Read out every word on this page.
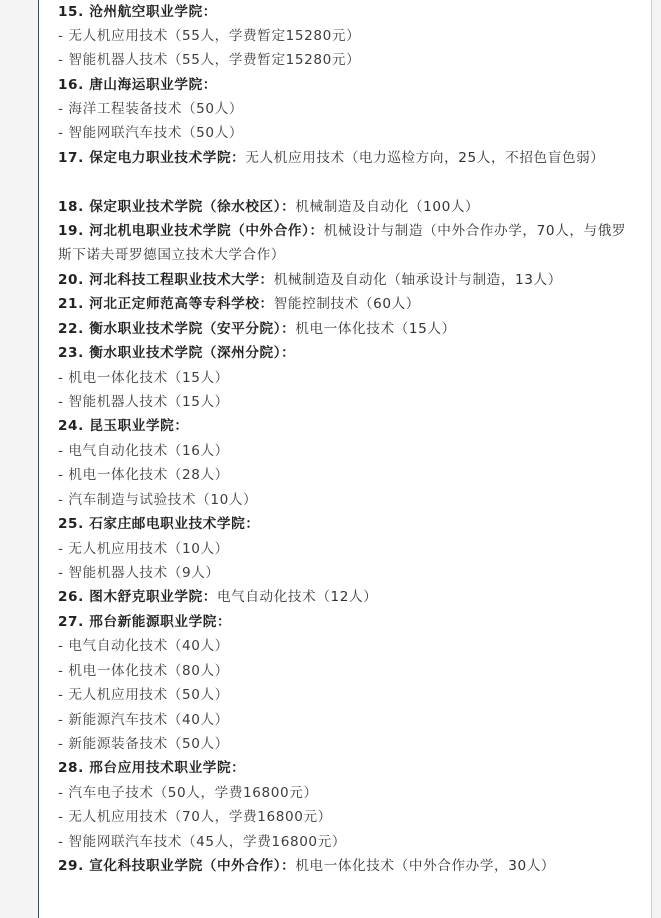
15. 沧州航空职业学院：
- 无人机应用技术（55人，学费暂定15280元）
- 智能机器人技术（55人，学费暂定15280元）
16. 唐山海运职业学院：
- 海洋工程装备技术（50人）
- 智能网联汽车技术（50人）
17. 保定电力职业技术学院：无人机应用技术（电力巡检方向，25人，不招色盲色弱）
18. 保定职业技术学院（徐水校区）：机械制造及自动化（100人）
19. 河北机电职业技术学院（中外合作）：机械设计与制造（中外合作办学，70人，与俄罗斯下诺夫哥罗德国立技术大学合作）
20. 河北科技工程职业技术大学：机械制造及自动化（轴承设计与制造，13人）
21. 河北正定师范高等专科学校：智能控制技术（60人）
22. 衡水职业技术学院（安平分院）：机电一体化技术（15人）
23. 衡水职业技术学院（深州分院）：
- 机电一体化技术（15人）
- 智能机器人技术（15人）
24. 昆玉职业学院：
- 电气自动化技术（16人）
- 机电一体化技术（28人）
- 汽车制造与试验技术（10人）
25. 石家庄邮电职业技术学院：
- 无人机应用技术（10人）
- 智能机器人技术（9人）
26. 图木舒克职业学院：电气自动化技术（12人）
27. 邢台新能源职业学院：
- 电气自动化技术（40人）
- 机电一体化技术（80人）
- 无人机应用技术（50人）
- 新能源汽车技术（40人）
- 新能源装备技术（50人）
28. 邢台应用技术职业学院：
- 汽车电子技术（50人，学费16800元）
- 无人机应用技术（70人，学费16800元）
- 智能网联汽车技术（45人，学费16800元）
29. 宣化科技职业学院（中外合作）：机电一体化技术（中外合作办学，30人）
